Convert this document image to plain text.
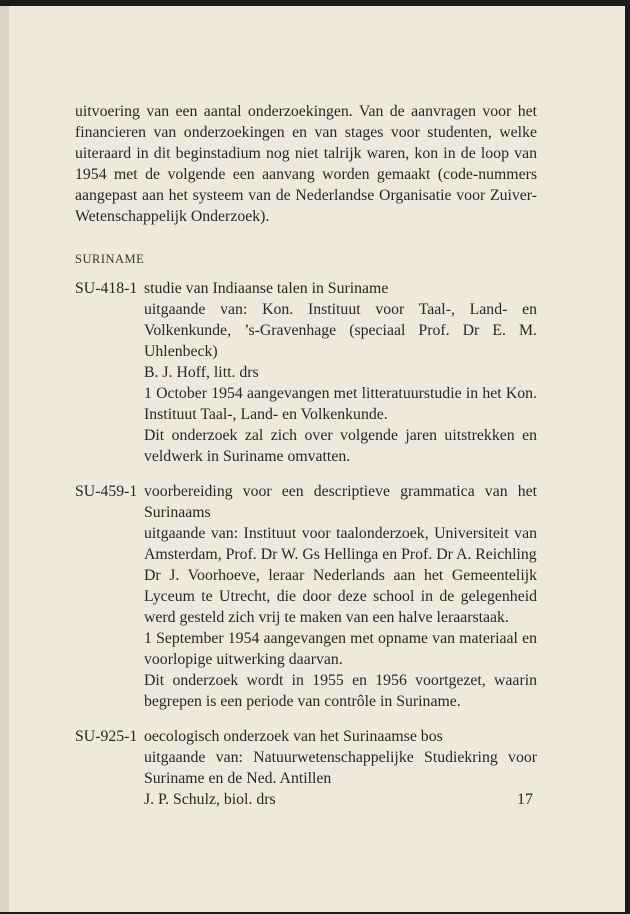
uitvoering van een aantal onderzoekingen. Van de aanvragen voor het financieren van onderzoekingen en van stages voor studenten, welke uiteraard in dit beginstadium nog niet talrijk waren, kon in de loop van 1954 met de volgende een aanvang worden gemaakt (code-nummers aangepast aan het systeem van de Nederlandse Organisatie voor Zuiver-Wetenschappelijk Onderzoek).

SURINAME
SU-418-1 studie van Indiaanse talen in Suriname
uitgaande van: Kon. Instituut voor Taal-, Land- en Volkenkunde, ’s-Gravenhage (speciaal Prof. Dr E. M. Uhlenbeck)
B. J. Hoff, litt. drs
1 October 1954 aangevangen met litteratuurstudie in het Kon. Instituut Taal-, Land- en Volkenkunde.
Dit onderzoek zal zich over volgende jaren uitstrekken en veldwerk in Suriname omvatten.
SU-459-1 voorbereiding voor een descriptieve grammatica van het Surinaams
uitgaande van: Instituut voor taalonderzoek, Universiteit van Amsterdam, Prof. Dr W. Gs Hellinga en Prof. Dr A. Reichling
Dr J. Voorhoeve, leraar Nederlands aan het Gemeentelijk Lyceum te Utrecht, die door deze school in de gelegenheid werd gesteld zich vrij te maken van een halve leraarstaak.
1 September 1954 aangevangen met opname van materiaal en voorlopige uitwerking daarvan.
Dit onderzoek wordt in 1955 en 1956 voortgezet, waarin begrepen is een periode van contrôle in Suriname.
SU-925-1 oecologisch onderzoek van het Surinaamse bos
uitgaande van: Natuurwetenschappelijke Studiekring voor Suriname en de Ned. Antillen
J. P. Schulz, biol. drs	17
